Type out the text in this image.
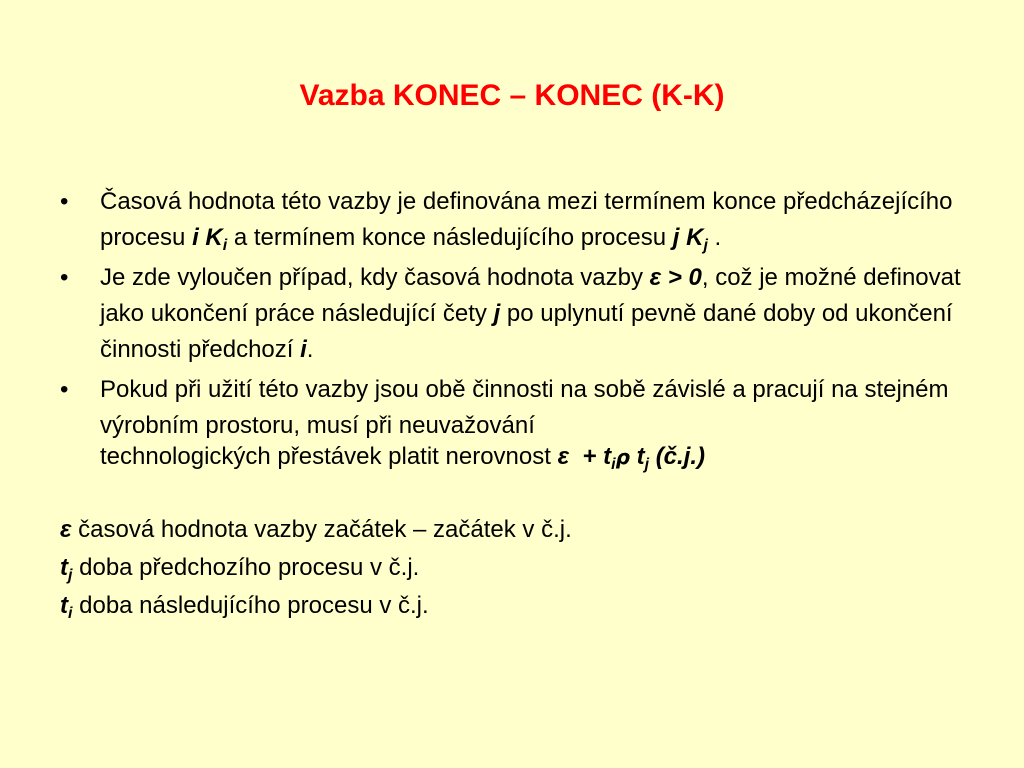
Vazba KONEC – KONEC (K-K)
• Časová hodnota této vazby je definována mezi termínem konce předcházejícího procesu i $K_i$ a termínem konce následujícího procesu j $K_j$ .
• Je zde vyloučen případ, kdy časová hodnota vazby ε > 0, což je možné definovat jako ukončení práce následující čety j po uplynutí pevně dané doby od ukončení činnosti předchozí i.
• Pokud při užití této vazby jsou obě činnosti na sobě závislé a pracují na stejném výrobním prostoru, musí při neuvažování
technologických přestávek platit nerovnost $\varepsilon + t_i\rho$ $t_j$ (č.j.)
ε časová hodnota vazby začátek – začátek v č.j.
$t_j$ doba předchozího procesu v č.j.
$t_i$ doba následujícího procesu v č.j.
